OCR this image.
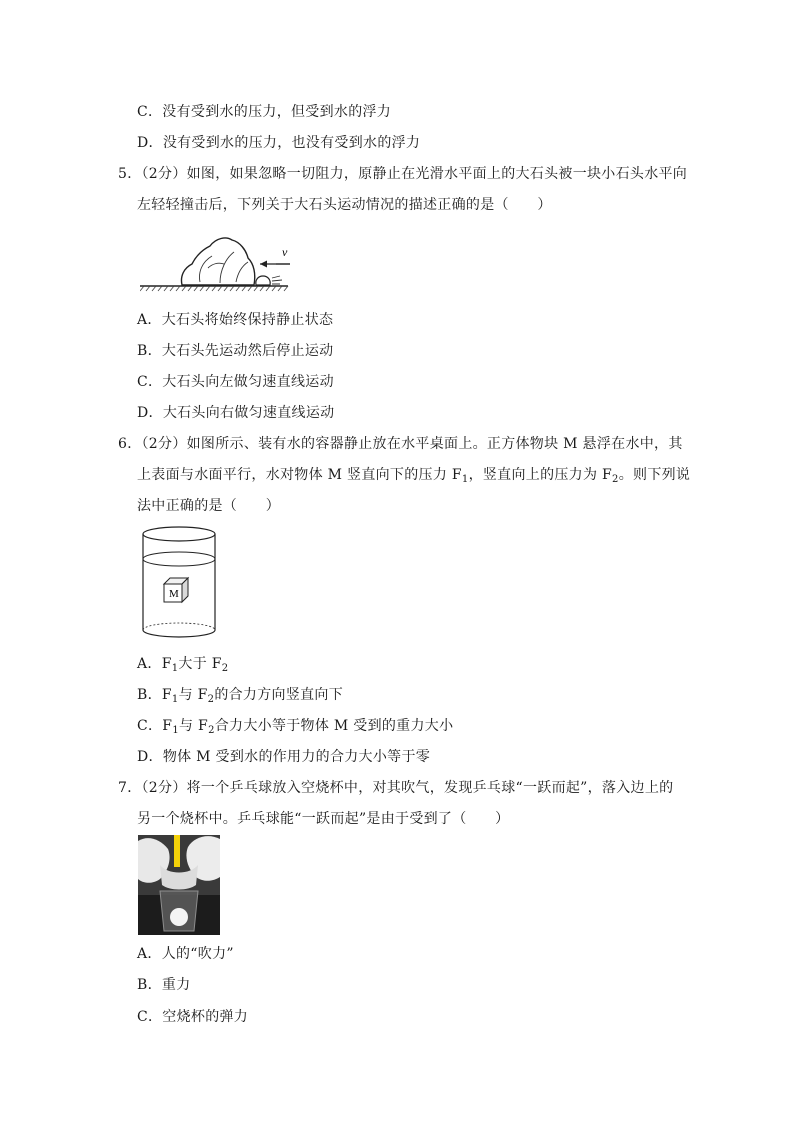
C．没有受到水的压力，但受到水的浮力
D．没有受到水的压力，也没有受到水的浮力
5．（2分）如图，如果忽略一切阻力，原静止在光滑水平面上的大石头被一块小石头水平向
左轻轻撞击后，下列关于大石头运动情况的描述正确的是（　　）
v
A．大石头将始终保持静止状态
B．大石头先运动然后停止运动
C．大石头向左做匀速直线运动
D．大石头向右做匀速直线运动
6．（2分）如图所示、装有水的容器静止放在水平桌面上。正方体物块 M 悬浮在水中，其
上表面与水面平行，水对物体 M 竖直向下的压力 $F_1$，竖直向上的压力为 $F_2$。则下列说
法中正确的是（　　）
M
A．$F_1$大于 $F_2$
B．$F_1$与 $F_2$的合力方向竖直向下
C．$F_1$与 $F_2$合力大小等于物体 M 受到的重力大小
D．物体 M 受到水的作用力的合力大小等于零
7．（2分）将一个乒乓球放入空烧杯中，对其吹气，发现乒乓球“一跃而起”，落入边上的
另一个烧杯中。乒乓球能“一跃而起”是由于受到了（　　）
A．人的“吹力”
B．重力
C．空烧杯的弹力
